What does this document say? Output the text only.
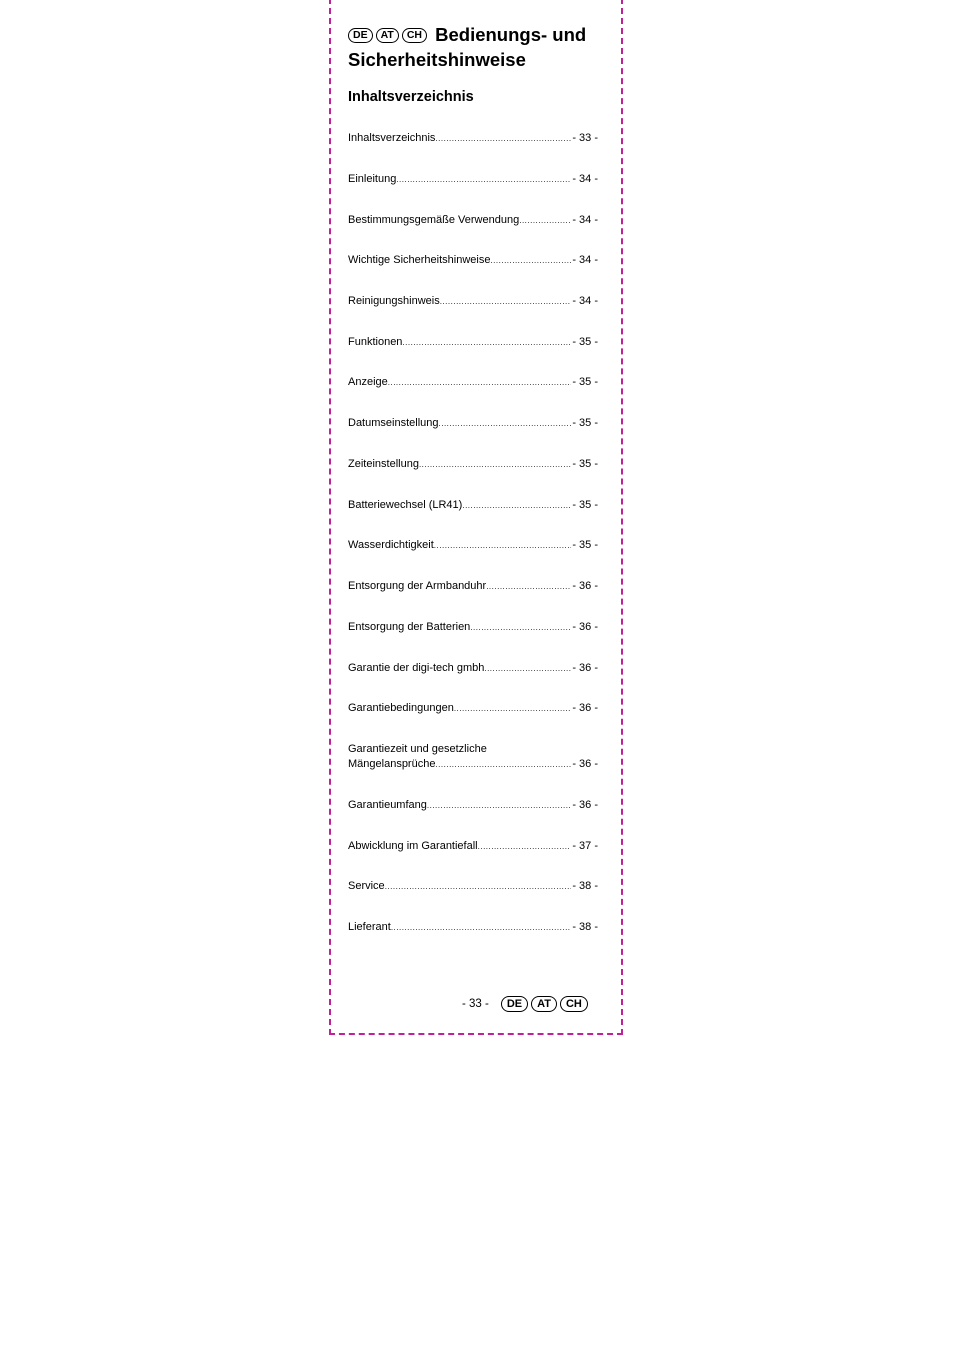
DE AT CH Bedienungs- und
Sicherheitshinweise
Inhaltsverzeichnis
Inhaltsverzeichnis .....	- 33 -
Einleitung .....	- 34 -
Bestimmungsgemäße Verwendung .....	- 34 -
Wichtige Sicherheitshinweise .....	- 34 -
Reinigungshinweis .....	- 34 -
Funktionen .....	- 35 -
Anzeige .....	- 35 -
Datumseinstellung .....	- 35 -
Zeiteinstellung .....	- 35 -
Batteriewechsel (LR41) .....	- 35 -
Wasserdichtigkeit .....	- 35 -
Entsorgung der Armbanduhr .....	- 36 -
Entsorgung der Batterien .....	- 36 -
Garantie der digi-tech gmbh .....	- 36 -
Garantiebedingungen .....	- 36 -
Garantiezeit und gesetzliche
Mängelansprüche .....	- 36 -
Garantieumfang .....	- 36 -
Abwicklung im Garantiefall .....	- 37 -
Service .....	- 38 -
Lieferant .....	- 38 -
- 33 -	DE	AT	CH
